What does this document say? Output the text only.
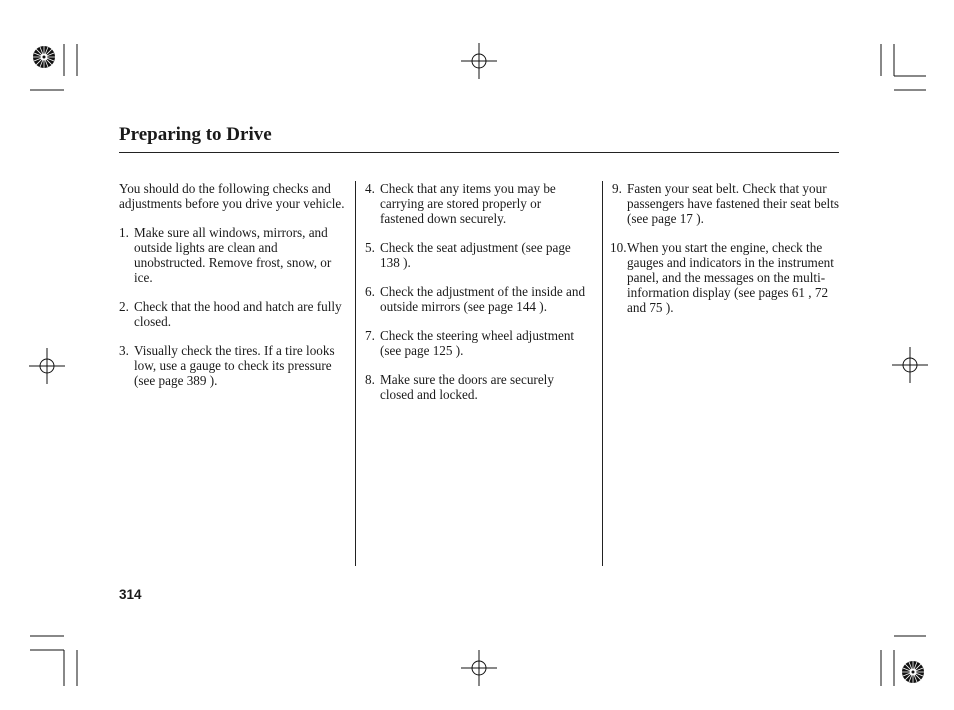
Preparing to Drive

You should do the following checks and adjustments before you drive your vehicle.

1. Make sure all windows, mirrors, and outside lights are clean and unobstructed. Remove frost, snow, or ice.
2. Check that the hood and hatch are fully closed.
3. Visually check the tires. If a tire looks low, use a gauge to check its pressure (see page 389 ).
4. Check that any items you may be carrying are stored properly or fastened down securely.
5. Check the seat adjustment (see page 138 ).
6. Check the adjustment of the inside and outside mirrors (see page 144 ).
7. Check the steering wheel adjustment (see page 125 ).
8. Make sure the doors are securely closed and locked.
9. Fasten your seat belt. Check that your passengers have fastened their seat belts (see page 17 ).
10. When you start the engine, check the gauges and indicators in the instrument panel, and the messages on the multi-information display (see pages 61 , 72 and 75 ).
314
